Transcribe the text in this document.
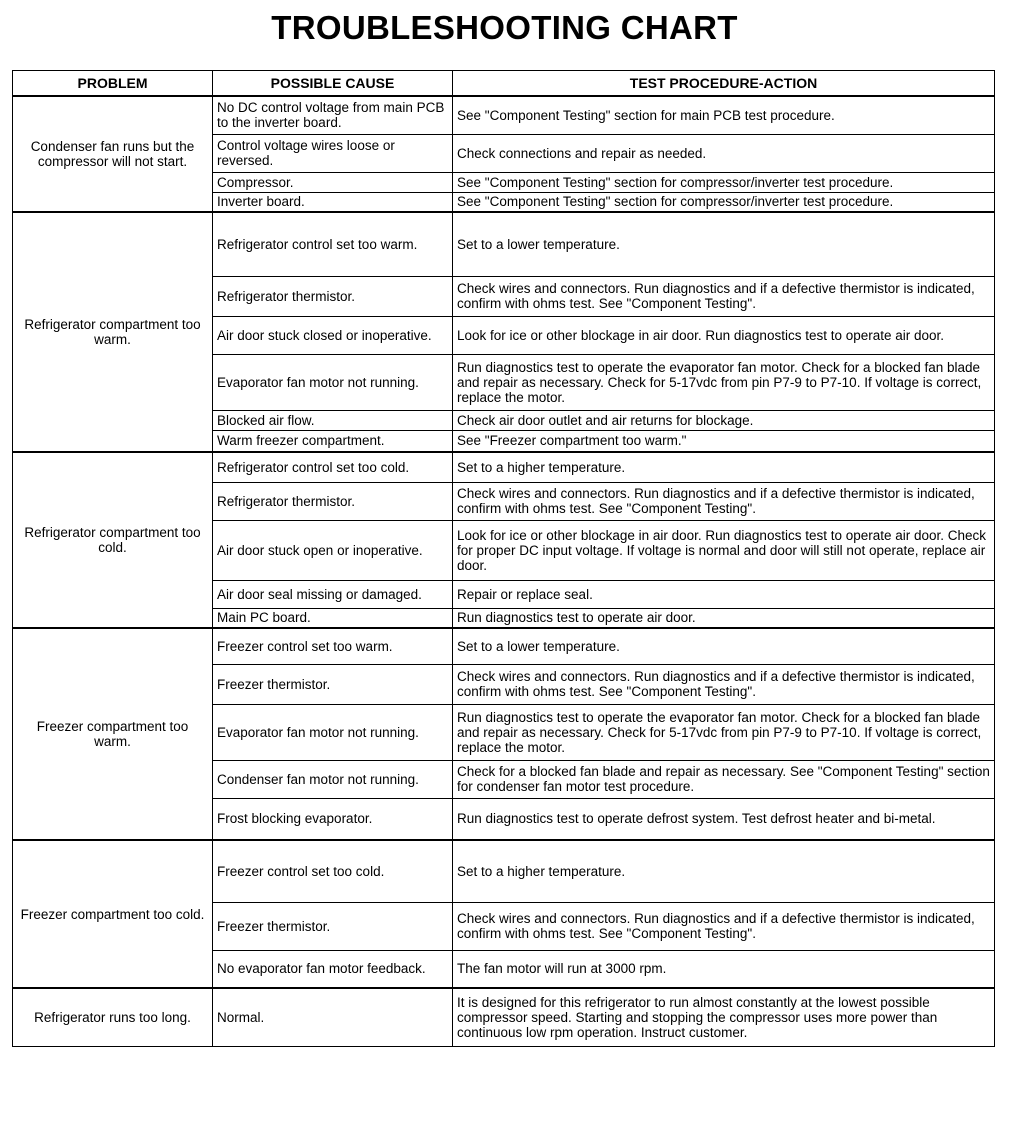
TROUBLESHOOTING CHART
PROBLEM	POSSIBLE CAUSE	TEST PROCEDURE-ACTION
Condenser fan runs but the compressor will not start.	No DC control voltage from main PCB to the inverter board.	See "Component Testing" section for main PCB test procedure.
	Control voltage wires loose or reversed.	Check connections and repair as needed.
	Compressor.	See "Component Testing" section for compressor/inverter test procedure.
	Inverter board.	See "Component Testing" section for compressor/inverter test procedure.
Refrigerator compartment too warm.	Refrigerator control set too warm.	Set to a lower temperature.
	Refrigerator thermistor.	Check wires and connectors. Run diagnostics and if a defective thermistor is indicated, confirm with ohms test. See "Component Testing".
	Air door stuck closed or inoperative.	Look for ice or other blockage in air door. Run diagnostics test to operate air door.
	Evaporator fan motor not running.	Run diagnostics test to operate the evaporator fan motor. Check for a blocked fan blade and repair as necessary. Check for 5-17vdc from pin P7-9 to P7-10. If voltage is correct, replace the motor.
	Blocked air flow.	Check air door outlet and air returns for blockage.
	Warm freezer compartment.	See "Freezer compartment too warm."
Refrigerator compartment too cold.	Refrigerator control set too cold.	Set to a higher temperature.
	Refrigerator thermistor.	Check wires and connectors. Run diagnostics and if a defective thermistor is indicated, confirm with ohms test. See "Component Testing".
	Air door stuck open or inoperative.	Look for ice or other blockage in air door. Run diagnostics test to operate air door. Check for proper DC input voltage. If voltage is normal and door will still not operate, replace air door.
	Air door seal missing or damaged.	Repair or replace seal.
	Main PC board.	Run diagnostics test to operate air door.
Freezer compartment too warm.	Freezer control set too warm.	Set to a lower temperature.
	Freezer thermistor.	Check wires and connectors. Run diagnostics and if a defective thermistor is indicated, confirm with ohms test. See "Component Testing".
	Evaporator fan motor not running.	Run diagnostics test to operate the evaporator fan motor. Check for a blocked fan blade and repair as necessary. Check for 5-17vdc from pin P7-9 to P7-10. If voltage is correct, replace the motor.
	Condenser fan motor not running.	Check for a blocked fan blade and repair as necessary. See "Component Testing" section for condenser fan motor test procedure.
	Frost blocking evaporator.	Run diagnostics test to operate defrost system. Test defrost heater and bi-metal.
Freezer compartment too cold.	Freezer control set too cold.	Set to a higher temperature.
	Freezer thermistor.	Check wires and connectors. Run diagnostics and if a defective thermistor is indicated, confirm with ohms test. See "Component Testing".
	No evaporator fan motor feedback.	The fan motor will run at 3000 rpm.
Refrigerator runs too long.	Normal.	It is designed for this refrigerator to run almost constantly at the lowest possible compressor speed. Starting and stopping the compressor uses more power than continuous low rpm operation. Instruct customer.
